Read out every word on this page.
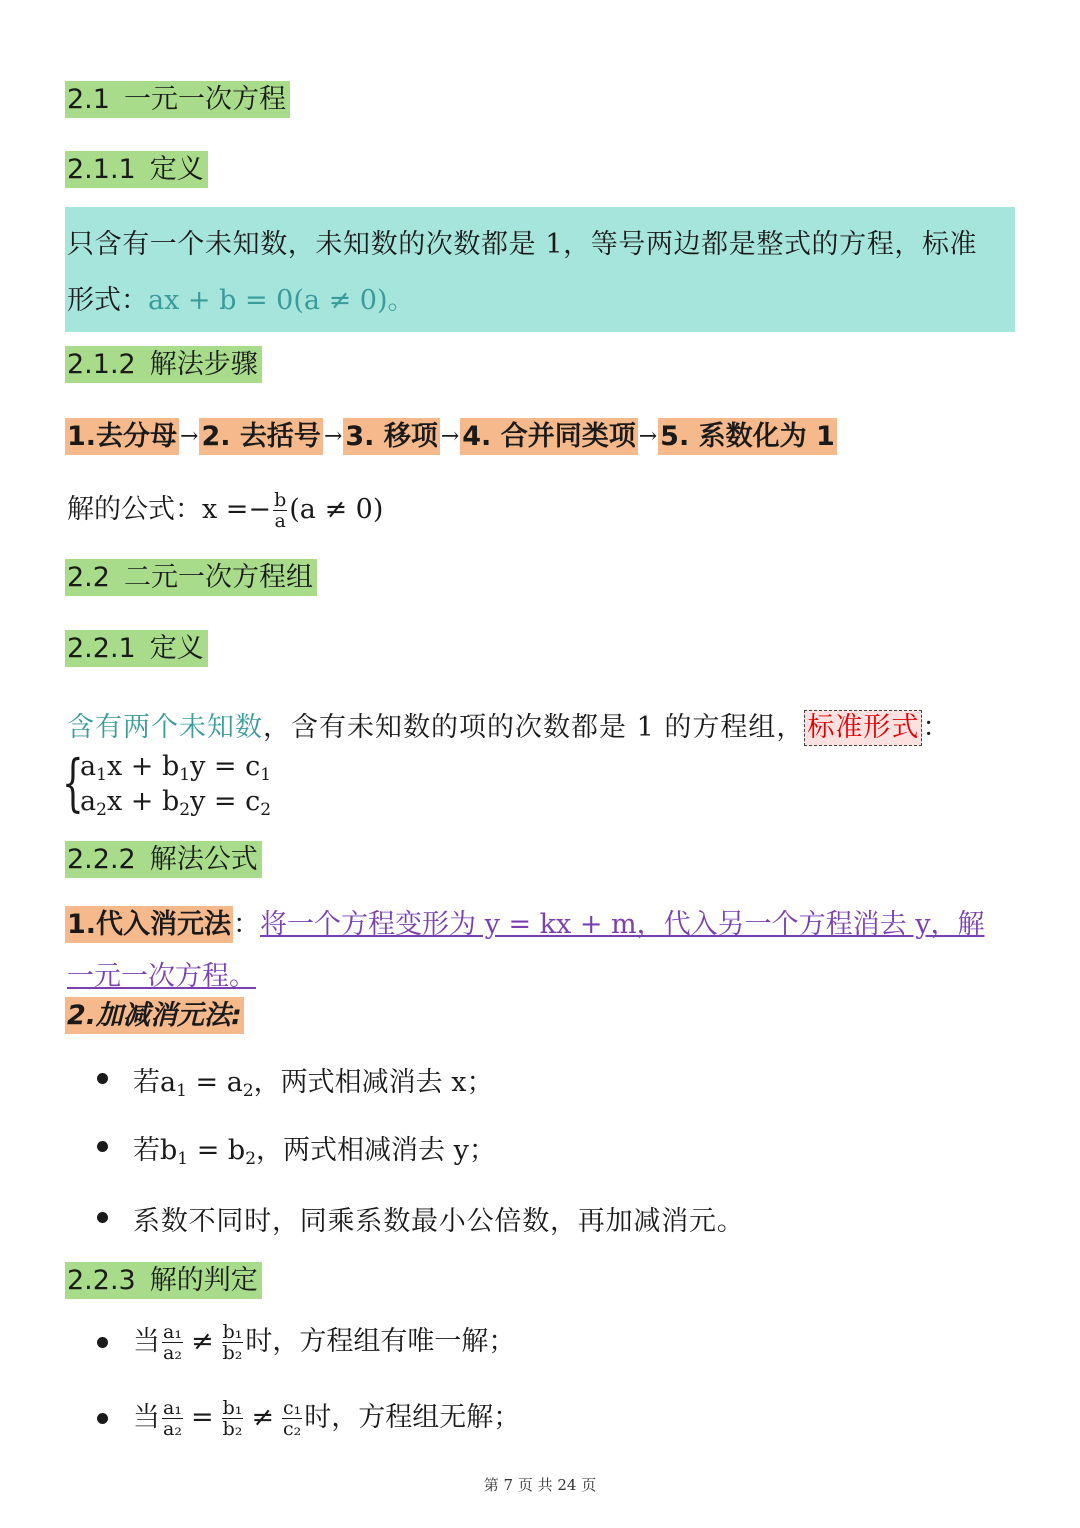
2.1 一元一次方程
2.1.1 定义
只含有一个未知数，未知数的次数都是 1，等号两边都是整式的方程，标准
形式：ax + b = 0(a ≠ 0)。
2.1.2 解法步骤
1.去分母 → 2. 去括号 → 3. 移项 → 4. 合并同类项 → 5. 系数化为 1
解的公式：$x =- \frac{b}{a} (a \ne 0)$
2.2 二元一次方程组
2.2.1 定义
含有两个未知数，含有未知数的项的次数都是 1 的方程组， 标准形式 ：
{
$a_1x + b_1y = c_1$
$a_2x + b_2y = c_2$
2.2.2 解法公式
1.代入消元法：将一个方程变形为 y = kx + m，代入另一个方程消去 y，解
一元一次方程。
2.加减消元法:
若$a_1 = a_2$，两式相减消去 x；
若$b_1 = b_2$，两式相减消去 y；
系数不同时，同乘系数最小公倍数，再加减消元。
2.2.3 解的判定
当 $\frac{\text{a₁}}{\text{a₂}} \ne \frac{\text{b₁}}{\text{b₂}}$ 时，方程组有唯一解；
当 $\frac{\text{a₁}}{\text{a₂}} = \frac{\text{b₁}}{\text{b₂}} \ne \frac{\text{c₁}}{\text{c₂}}$ 时，方程组无解；
第 7 页 共 24 页
